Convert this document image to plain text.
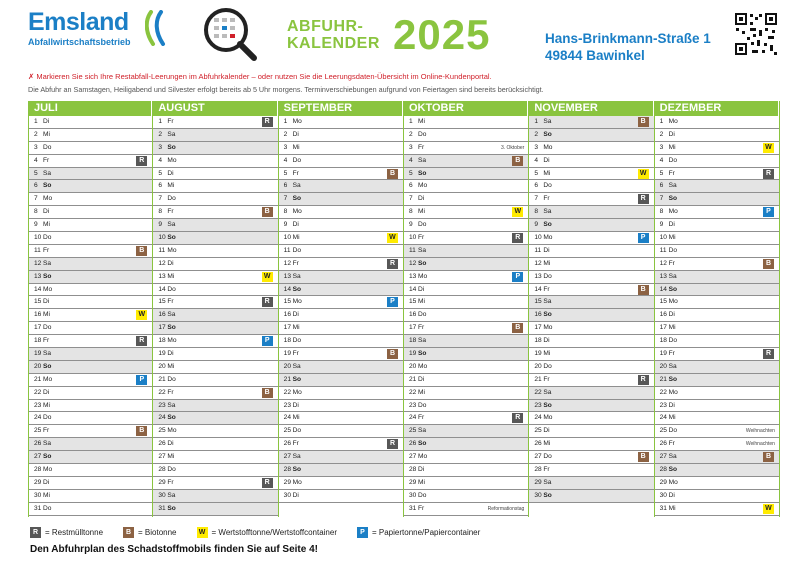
Emsland
Abfallwirtschaftsbetrieb
ABFUHR-
KALENDER 2025	Hans-Brinkmann-Straße 1
49844 Bawinkel
✗ Markieren Sie sich Ihre Restabfall-Leerungen im Abfuhrkalender – oder nutzen Sie die Leerungsdaten-Übersicht im Online-Kundenportal.
Die Abfuhr an Samstagen, Heiligabend und Silvester erfolgt bereits ab 5 Uhr morgens. Terminverschiebungen aufgrund von Feiertagen sind bereits berücksichtigt.
JULI
1 Di
2 Mi
3 Do
4 Fr	R
5 Sa
6 So
7 Mo
8 Di
9 Mi
10 Do
11 Fr	B
12 Sa
13 So
14 Mo
15 Di
16 Mi	W
17 Do
18 Fr	R
19 Sa
20 So
21 Mo	P
22 Di
23 Mi
24 Do
25 Fr	B
26 Sa
27 So
28 Mo
29 Di
30 Mi
31 Do
AUGUST
1 Fr	R
2 Sa
3 So
4 Mo
5 Di
6 Mi
7 Do
8 Fr	B
9 Sa
10 So
11 Mo
12 Di
13 Mi	W
14 Do
15 Fr	R
16 Sa
17 So
18 Mo	P
19 Di
20 Mi
21 Do
22 Fr	B
23 Sa
24 So
25 Mo
26 Di
27 Mi
28 Do
29 Fr	R
30 Sa
31 So
SEPTEMBER
1 Mo
2 Di
3 Mi
4 Do
5 Fr	B
6 Sa
7 So
8 Mo
9 Di
10 Mi	W
11 Do
12 Fr	R
13 Sa
14 So
15 Mo	P
16 Di
17 Mi
18 Do
19 Fr	B
20 Sa
21 So
22 Mo
23 Di
24 Mi
25 Do
26 Fr	R
27 Sa
28 So
29 Mo
30 Di
OKTOBER
1 Mi
2 Do
3 Fr	3. Oktober
4 Sa	B
5 So
6 Mo
7 Di
8 Mi	W
9 Do
10 Fr	R
11 Sa
12 So
13 Mo	P
14 Di
15 Mi
16 Do
17 Fr	B
18 Sa
19 So
20 Mo
21 Di
22 Mi
23 Do
24 Fr	R
25 Sa
26 So
27 Mo
28 Di
29 Mi
30 Do
31 Fr	Reformationstag
NOVEMBER
1 Sa	B
2 So
3 Mo
4 Di
5 Mi	W
6 Do
7 Fr	R
8 Sa
9 So
10 Mo	P
11 Di
12 Mi
13 Do
14 Fr	B
15 Sa
16 So
17 Mo
18 Di
19 Mi
20 Do
21 Fr	R
22 Sa
23 So
24 Mo
25 Di
26 Mi
27 Do	B
28 Fr
29 Sa
30 So
DEZEMBER
1 Mo
2 Di
3 Mi	W
4 Do
5 Fr	R
6 Sa
7 So
8 Mo	P
9 Di
10 Mi
11 Do
12 Fr	B
13 Sa
14 So
15 Mo
16 Di
17 Mi
18 Do
19 Fr	R
20 Sa
21 So
22 Mo
23 Di
24 Mi
25 Do	Weihnachten
26 Fr	Weihnachten
27 Sa	B
28 So
29 Mo
30 Di
31 Mi	W
R = Restmülltonne	B = Biotonne	W = Wertstofftonne/Wertstoffcontainer	P = Papiertonne/Papiercontainer
Den Abfuhrplan des Schadstoffmobils finden Sie auf Seite 4!
